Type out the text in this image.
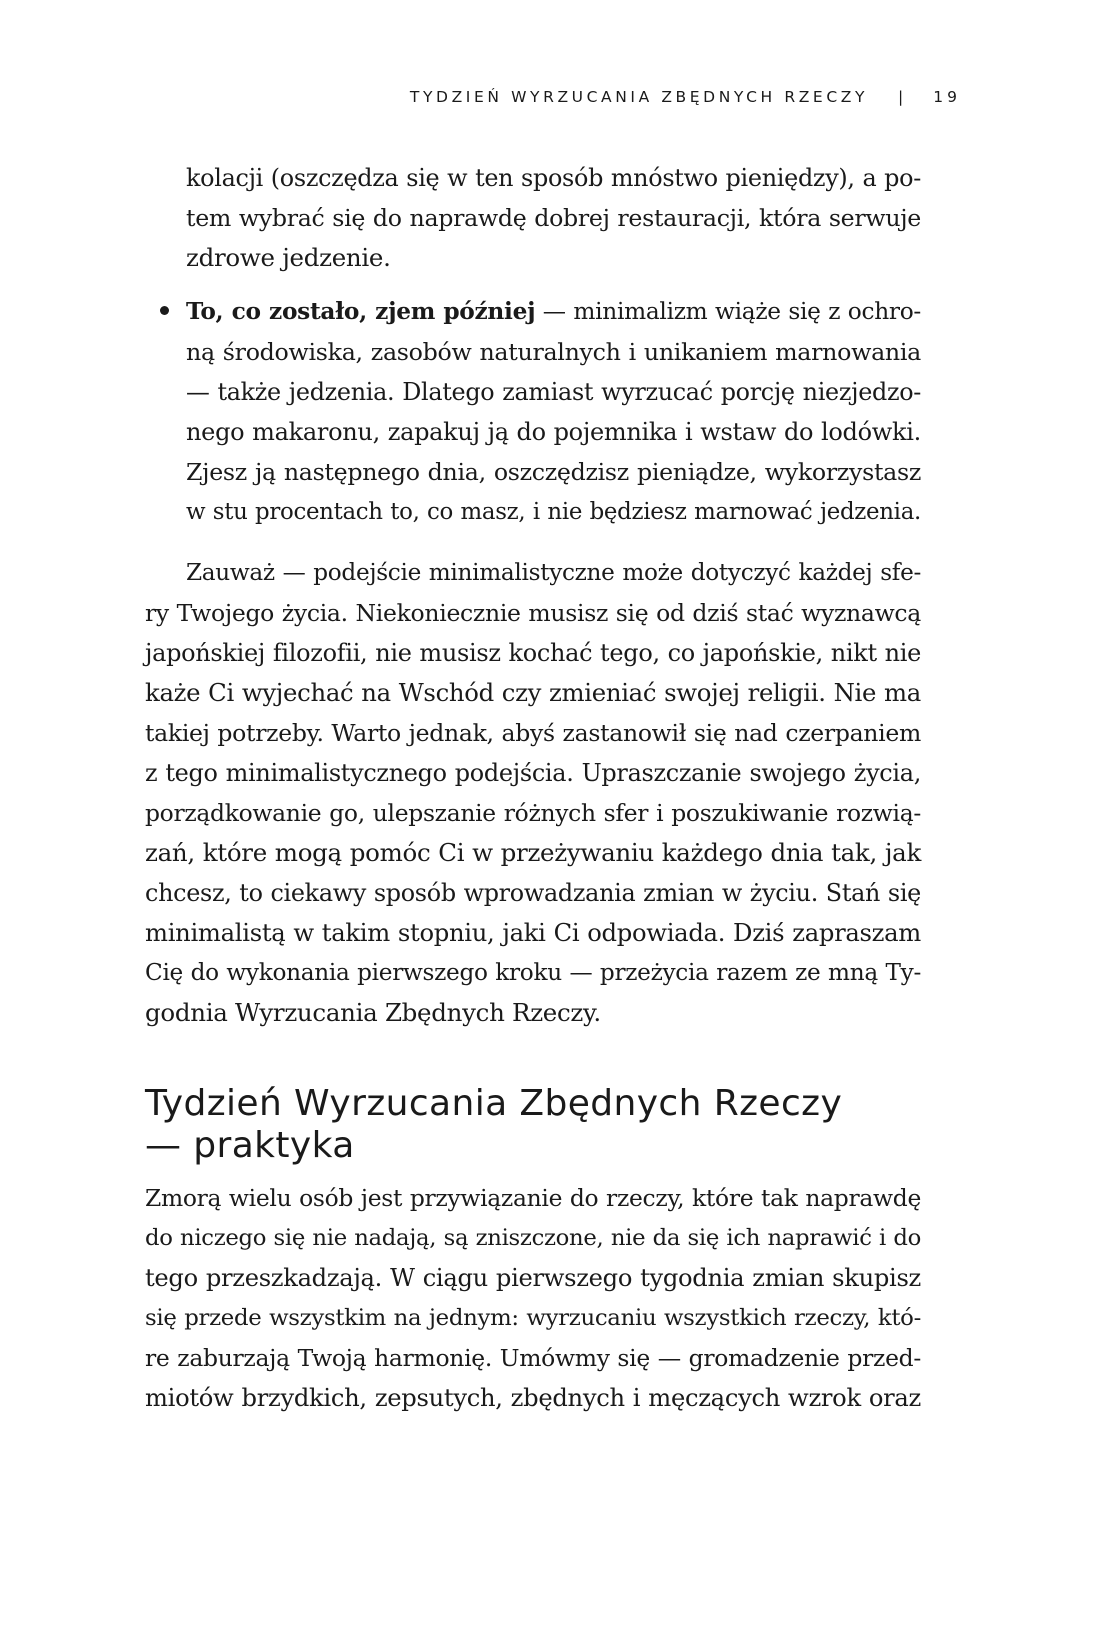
TYDZIEŃ WYRZUCANIA ZBĘDNYCH RZECZY | 19
kolacji (oszczędza się w ten sposób mnóstwo pieniędzy), a po-
tem wybrać się do naprawdę dobrej restauracji, która serwuje
zdrowe jedzenie.
To, co zostało, zjem później — minimalizm wiąże się z ochro-
ną środowiska, zasobów naturalnych i unikaniem marnowania
— także jedzenia. Dlatego zamiast wyrzucać porcję niezjedzo-
nego makaronu, zapakuj ją do pojemnika i wstaw do lodówki.
Zjesz ją następnego dnia, oszczędzisz pieniądze, wykorzystasz
w stu procentach to, co masz, i nie będziesz marnować jedzenia.
Zauważ — podejście minimalistyczne może dotyczyć każdej sfe-
ry Twojego życia. Niekoniecznie musisz się od dziś stać wyznawcą
japońskiej filozofii, nie musisz kochać tego, co japońskie, nikt nie
każe Ci wyjechać na Wschód czy zmieniać swojej religii. Nie ma
takiej potrzeby. Warto jednak, abyś zastanowił się nad czerpaniem
z tego minimalistycznego podejścia. Upraszczanie swojego życia,
porządkowanie go, ulepszanie różnych sfer i poszukiwanie rozwią-
zań, które mogą pomóc Ci w przeżywaniu każdego dnia tak, jak
chcesz, to ciekawy sposób wprowadzania zmian w życiu. Stań się
minimalistą w takim stopniu, jaki Ci odpowiada. Dziś zapraszam
Cię do wykonania pierwszego kroku — przeżycia razem ze mną Ty-
godnia Wyrzucania Zbędnych Rzeczy.
Tydzień Wyrzucania Zbędnych Rzeczy
— praktyka
Zmorą wielu osób jest przywiązanie do rzeczy, które tak naprawdę
do niczego się nie nadają, są zniszczone, nie da się ich naprawić i do
tego przeszkadzają. W ciągu pierwszego tygodnia zmian skupisz
się przede wszystkim na jednym: wyrzucaniu wszystkich rzeczy, któ-
re zaburzają Twoją harmonię. Umówmy się — gromadzenie przed-
miotów brzydkich, zepsutych, zbędnych i męczących wzrok oraz
